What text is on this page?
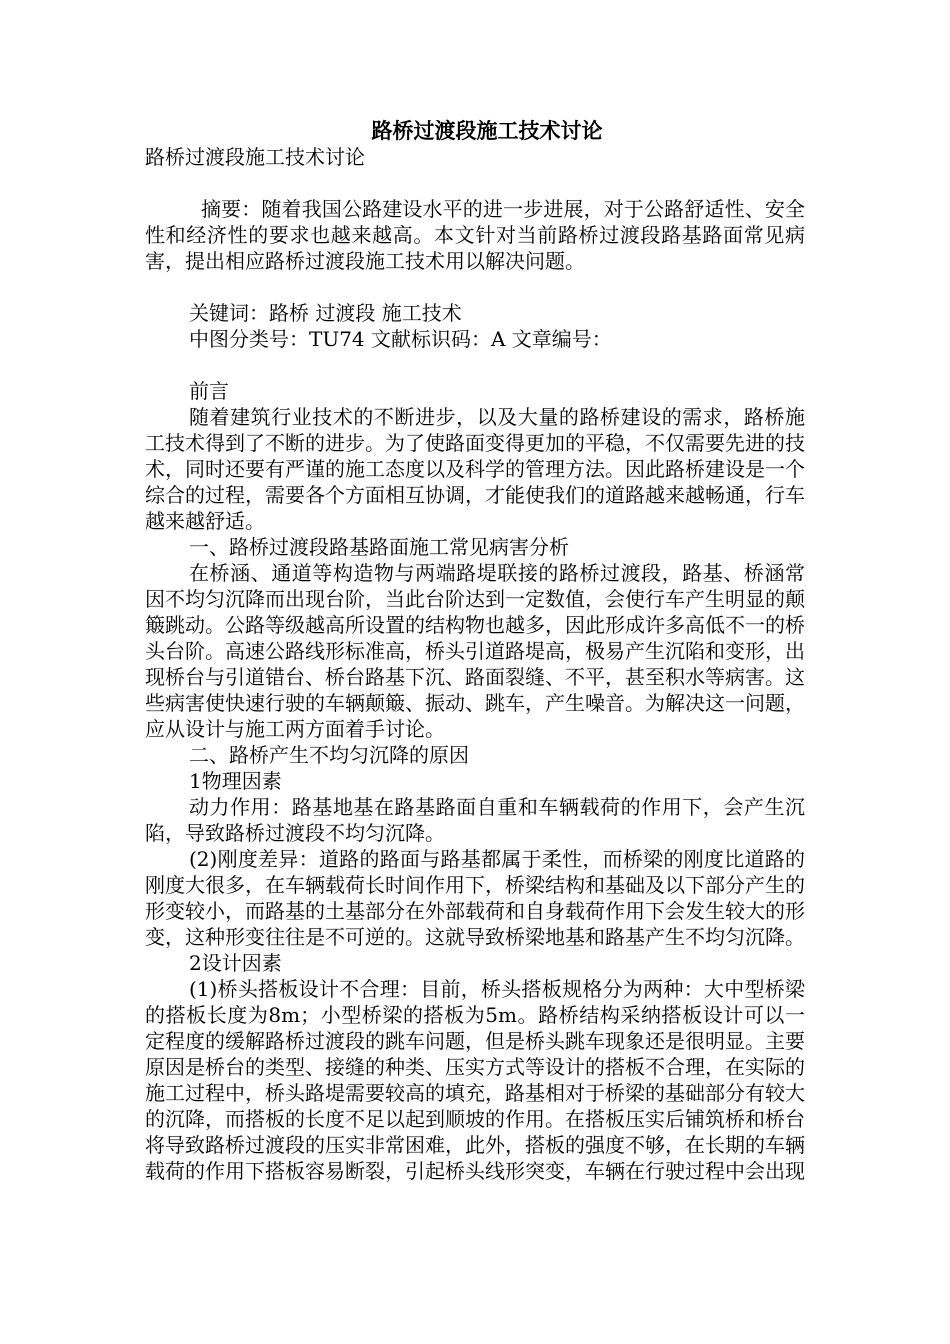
路桥过渡段施工技术讨论

路桥过渡段施工技术讨论

摘要：随着我国公路建设水平的进一步进展，对于公路舒适性、安全性和经济性的要求也越来越高。本文针对当前路桥过渡段路基路面常见病害，提出相应路桥过渡段施工技术用以解决问题。

关键词：路桥 过渡段 施工技术

中图分类号：TU74 文献标识码：A 文章编号：

前言

随着建筑行业技术的不断进步，以及大量的路桥建设的需求，路桥施工技术得到了不断的进步。为了使路面变得更加的平稳，不仅需要先进的技术，同时还要有严谨的施工态度以及科学的管理方法。因此路桥建设是一个综合的过程，需要各个方面相互协调，才能使我们的道路越来越畅通，行车越来越舒适。

一、路桥过渡段路基路面施工常见病害分析

在桥涵、通道等构造物与两端路堤联接的路桥过渡段，路基、桥涵常因不均匀沉降而出现台阶，当此台阶达到一定数值，会使行车产生明显的颠簸跳动。公路等级越高所设置的结构物也越多，因此形成许多高低不一的桥头台阶。高速公路线形标准高，桥头引道路堤高，极易产生沉陷和变形，出现桥台与引道错台、桥台路基下沉、路面裂缝、不平，甚至积水等病害。这些病害使快速行驶的车辆颠簸、振动、跳车，产生噪音。为解决这一问题，应从设计与施工两方面着手讨论。

二、路桥产生不均匀沉降的原因

1物理因素

动力作用：路基地基在路基路面自重和车辆载荷的作用下，会产生沉陷，导致路桥过渡段不均匀沉降。

(2)刚度差异：道路的路面与路基都属于柔性，而桥梁的刚度比道路的刚度大很多，在车辆载荷长时间作用下，桥梁结构和基础及以下部分产生的形变较小，而路基的土基部分在外部载荷和自身载荷作用下会发生较大的形变，这种形变往往是不可逆的。这就导致桥梁地基和路基产生不均匀沉降。

2设计因素

(1)桥头搭板设计不合理：目前，桥头搭板规格分为两种：大中型桥梁的搭板长度为8m；小型桥梁的搭板为5m。路桥结构采纳搭板设计可以一定程度的缓解路桥过渡段的跳车问题，但是桥头跳车现象还是很明显。主要原因是桥台的类型、接缝的种类、压实方式等设计的搭板不合理，在实际的施工过程中，桥头路堤需要较高的填充，路基相对于桥梁的基础部分有较大的沉降，而搭板的长度不足以起到顺坡的作用。在搭板压实后铺筑桥和桥台将导致路桥过渡段的压实非常困难，此外，搭板的强度不够，在长期的车辆载荷的作用下搭板容易断裂，引起桥头线形突变，车辆在行驶过程中会出现
